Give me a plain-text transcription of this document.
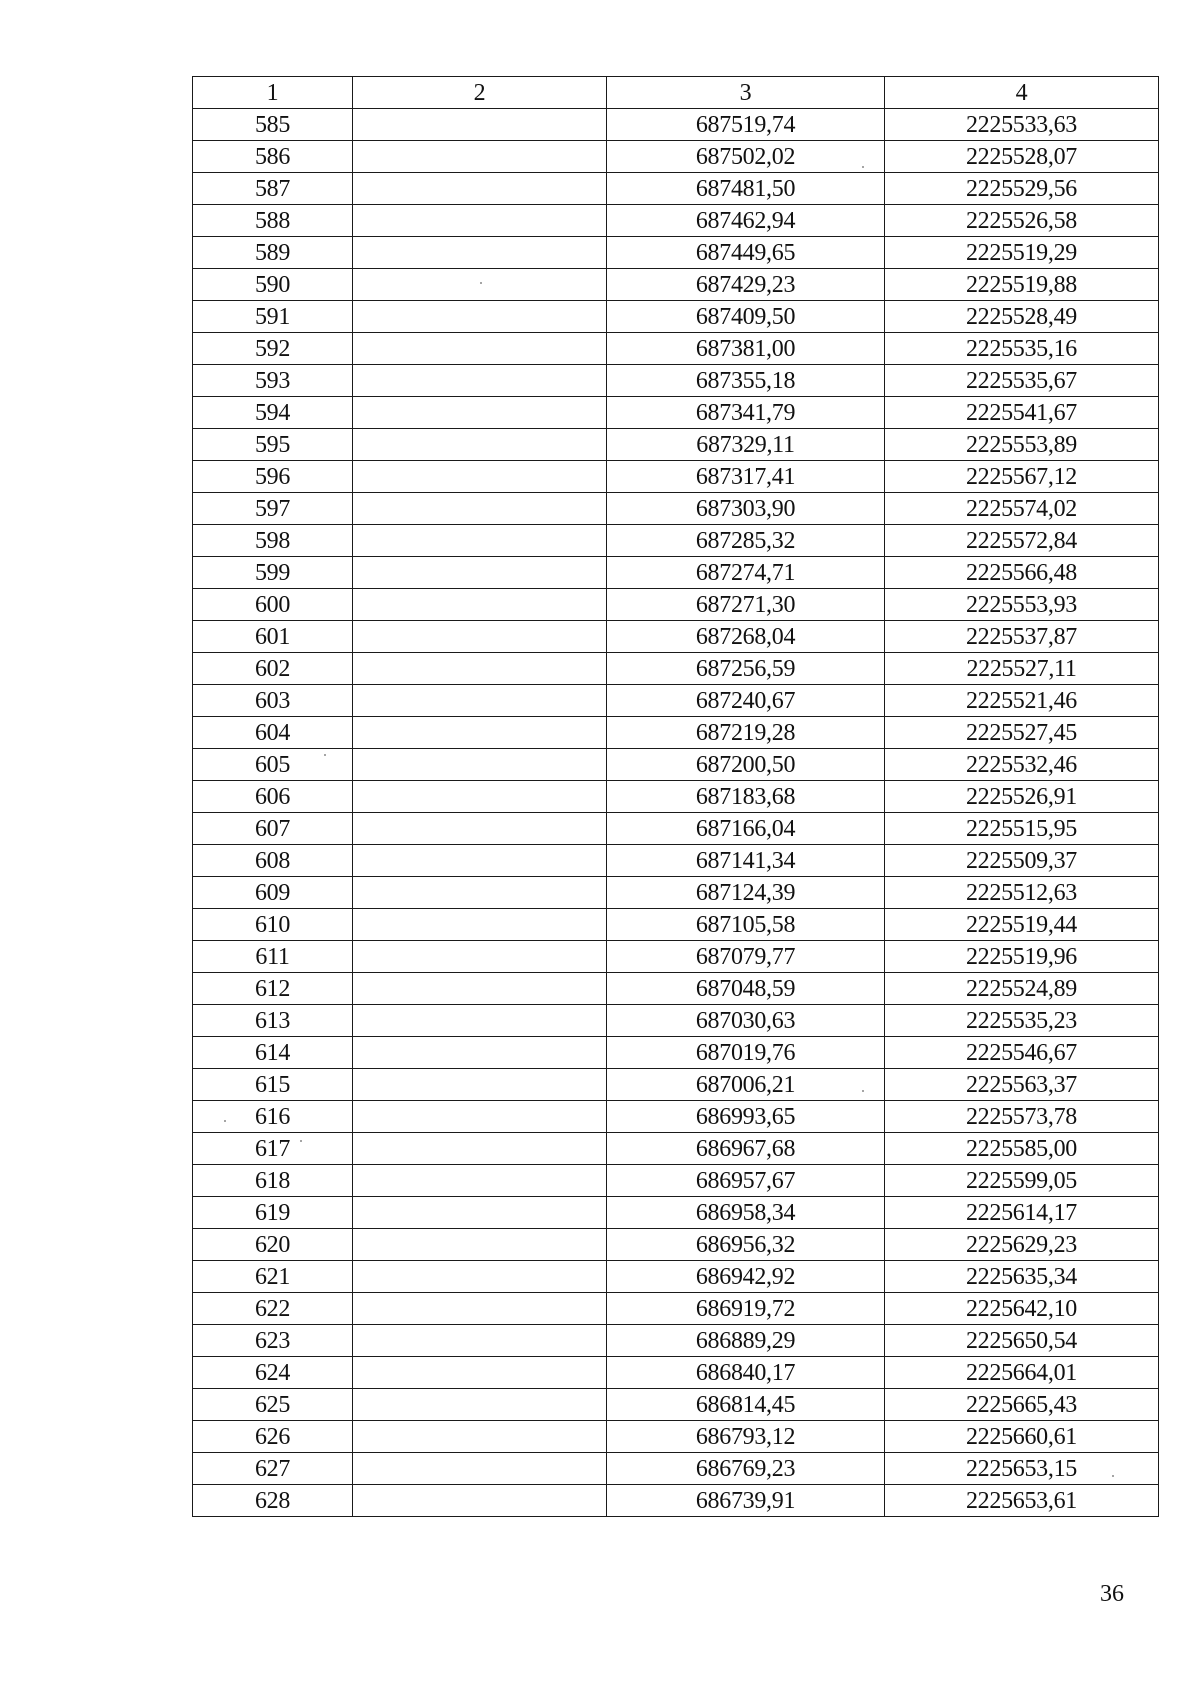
1	2	3	4
585		687519,74	2225533,63
586		687502,02	2225528,07
587		687481,50	2225529,56
588		687462,94	2225526,58
589		687449,65	2225519,29
590		687429,23	2225519,88
591		687409,50	2225528,49
592		687381,00	2225535,16
593		687355,18	2225535,67
594		687341,79	2225541,67
595		687329,11	2225553,89
596		687317,41	2225567,12
597		687303,90	2225574,02
598		687285,32	2225572,84
599		687274,71	2225566,48
600		687271,30	2225553,93
601		687268,04	2225537,87
602		687256,59	2225527,11
603		687240,67	2225521,46
604		687219,28	2225527,45
605		687200,50	2225532,46
606		687183,68	2225526,91
607		687166,04	2225515,95
608		687141,34	2225509,37
609		687124,39	2225512,63
610		687105,58	2225519,44
611		687079,77	2225519,96
612		687048,59	2225524,89
613		687030,63	2225535,23
614		687019,76	2225546,67
615		687006,21	2225563,37
616		686993,65	2225573,78
617		686967,68	2225585,00
618		686957,67	2225599,05
619		686958,34	2225614,17
620		686956,32	2225629,23
621		686942,92	2225635,34
622		686919,72	2225642,10
623		686889,29	2225650,54
624		686840,17	2225664,01
625		686814,45	2225665,43
626		686793,12	2225660,61
627		686769,23	2225653,15
628		686739,91	2225653,61
36
